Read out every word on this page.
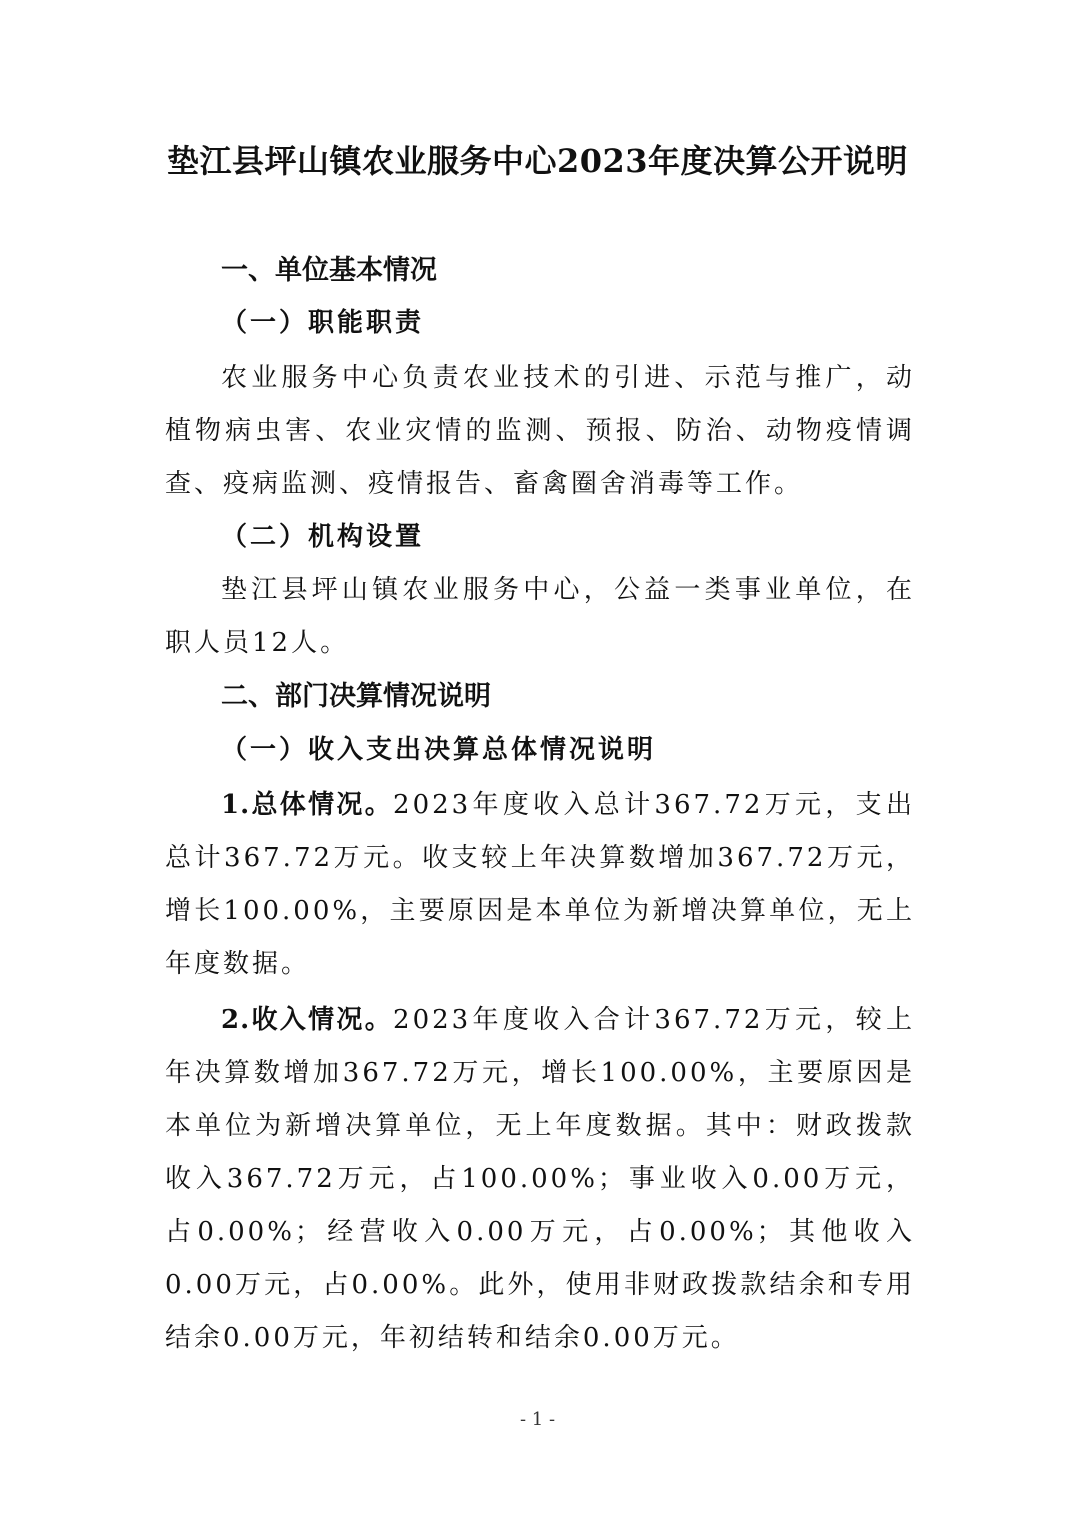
垫江县坪山镇农业服务中心2023年度决算公开说明

一、单位基本情况

（一）职能职责

农业服务中心负责农业技术的引进、示范与推广，动植物病虫害、农业灾情的监测、预报、防治、动物疫情调查、疫病监测、疫情报告、畜禽圈舍消毒等工作。

（二）机构设置

垫江县坪山镇农业服务中心，公益一类事业单位，在职人员12人。

二、部门决算情况说明

（一）收入支出决算总体情况说明

1.总体情况。2023年度收入总计367.72万元，支出总计367.72万元。收支较上年决算数增加367.72万元，增长100.00%，主要原因是本单位为新增决算单位，无上年度数据。

2.收入情况。2023年度收入合计367.72万元，较上年决算数增加367.72万元，增长100.00%，主要原因是本单位为新增决算单位，无上年度数据。其中：财政拨款收入367.72万元，占100.00%；事业收入0.00万元，占0.00%；经营收入0.00万元，占0.00%；其他收入0.00万元，占0.00%。此外，使用非财政拨款结余和专用结余0.00万元，年初结转和结余0.00万元。

- 1 -
